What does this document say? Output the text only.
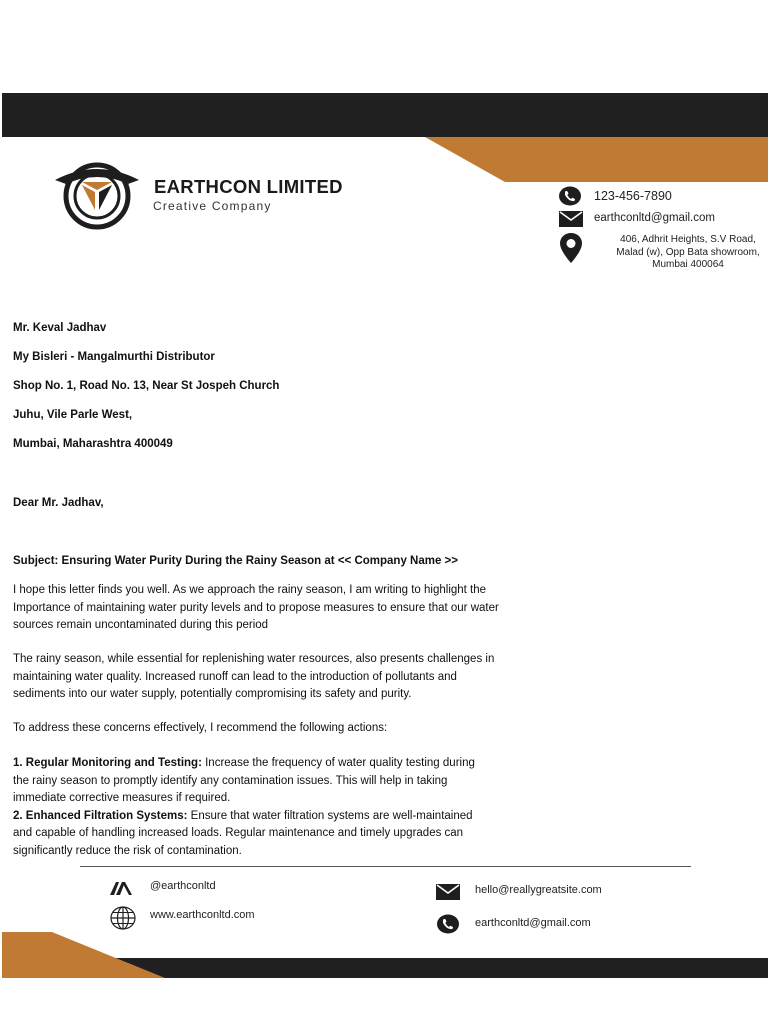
EARTHCON LIMITED
Creative Company
123-456-7890
earthconltd@gmail.com
406, Adhrit Heights, S.V Road,
Malad (w), Opp Bata showroom,
Mumbai 400064
Mr. Keval Jadhav
My Bisleri - Mangalmurthi Distributor
Shop No. 1, Road No. 13, Near St Jospeh Church
Juhu, Vile Parle West,
Mumbai, Maharashtra 400049
Dear Mr. Jadhav,
Subject: Ensuring Water Purity During the Rainy Season at << Company Name >>
I hope this letter finds you well. As we approach the rainy season, I am writing to highlight the
Importance of maintaining water purity levels and to propose measures to ensure that our water
sources remain uncontaminated during this period
The rainy season, while essential for replenishing water resources, also presents challenges in
maintaining water quality. Increased runoff can lead to the introduction of pollutants and
sediments into our water supply, potentially compromising its safety and purity.
To address these concerns effectively, I recommend the following actions:
1. Regular Monitoring and Testing: Increase the frequency of water quality testing during
the rainy season to promptly identify any contamination issues. This will help in taking
immediate corrective measures if required.
2. Enhanced Filtration Systems: Ensure that water filtration systems are well-maintained
and capable of handling increased loads. Regular maintenance and timely upgrades can
significantly reduce the risk of contamination.
@earthconltd
www.earthconltd.com
hello@reallygreatsite.com
earthconltd@gmail.com
